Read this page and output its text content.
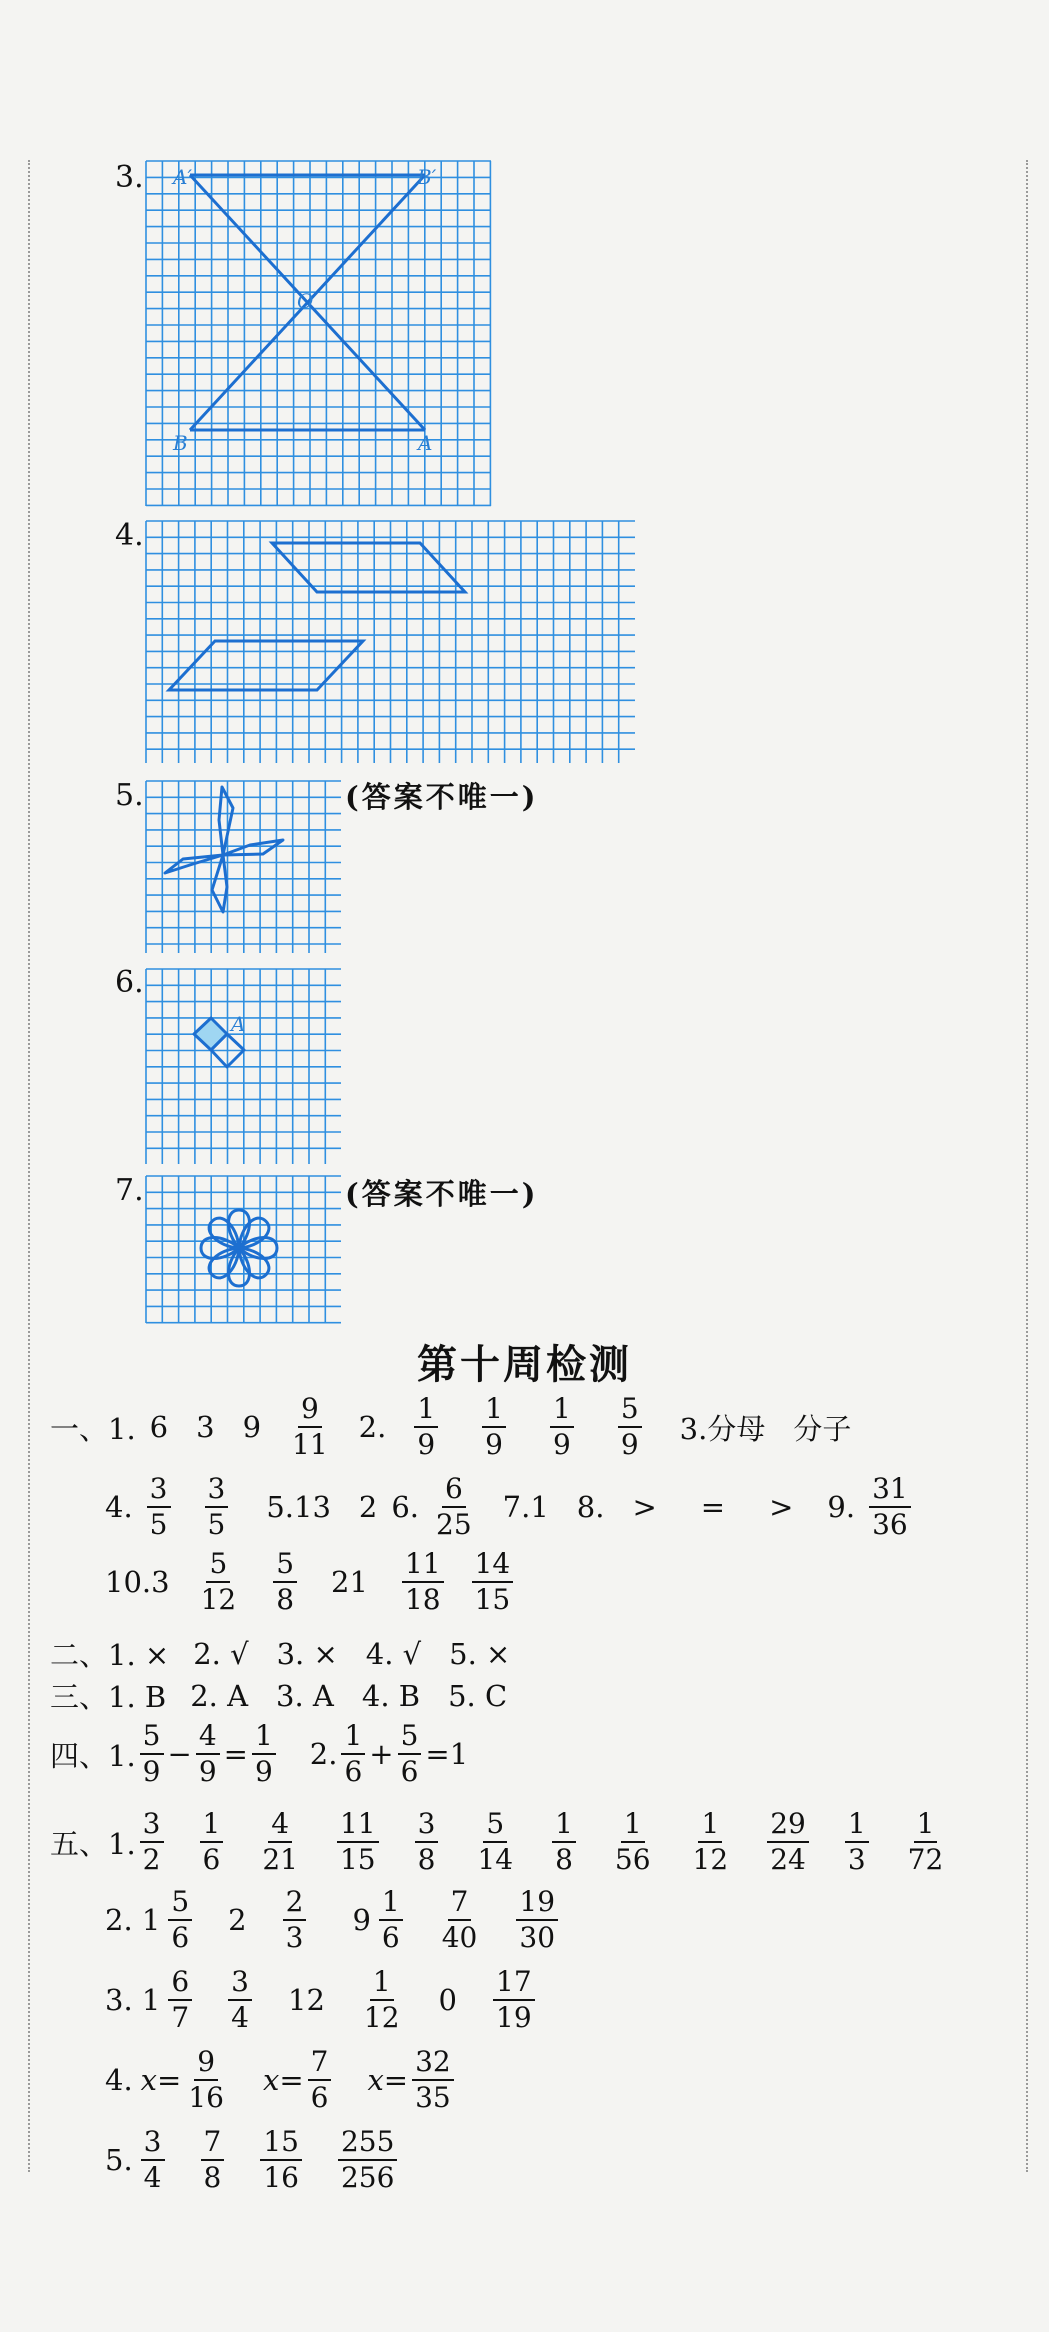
3. A′	B′
O
B	A
4.
5.	(答案不唯一)
6.
A
7.	(答案不唯一)
第十周检测
一、1. 6 3 $9 \frac{9}{11} 2$. $\frac{1}{9} \frac{1}{9} \frac{1}{9} \frac{5}{9} 3$.分母 分子
4. $\frac{3}{5} \frac{3}{5} 5.13$ 2 6. $\frac{6}{25} 7.1$ 8. > = > 9. $\frac{31}{36}$
$10.3 \frac{5}{12} \frac{5}{8} 21 \frac{11}{18} \frac{14}{15}$
二、1. × 2. √ 3. × 4. √ 5. ×
三、1. B 2. A 3. A 4. B 5. C
四、1. $\frac{5}{9} - \frac{4}{9} = \frac{1}{9} 2$. $\frac{1}{6} + \frac{5}{6} =1$
五、1. $\frac{3}{2} \frac{1}{6} \frac{4}{21} \frac{11}{15} \frac{3}{8} \frac{5}{14} \frac{1}{8} \frac{1}{56} \frac{1}{12} \frac{29}{24} \frac{1}{3} \frac{1}{72}$
2. $1 \frac{5}{6} 2 \frac{2}{3} 9 \frac{1}{6} \frac{7}{40} \frac{19}{30}$
3. $1 \frac{6}{7} \frac{3}{4} 12 \frac{1}{12} 0 \frac{17}{19}$
4. $x= \frac{9}{16} x= \frac{7}{6} x= \frac{32}{35}$
5. $\frac{3}{4} \frac{7}{8} \frac{15}{16} \frac{255}{256}$
